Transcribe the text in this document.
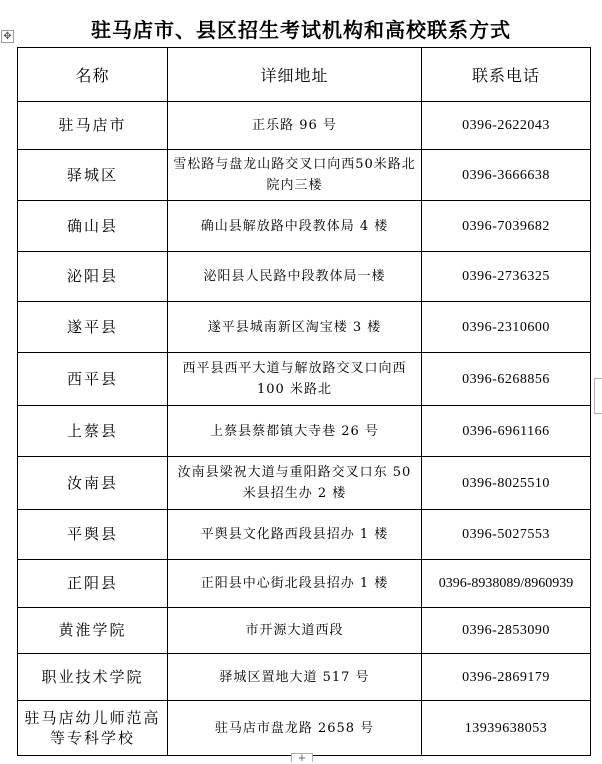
✥	驻马店市、县区招生考试机构和高校联系方式
名称	详细地址	联系电话
驻马店市	正乐路 96 号	0396-2622043
驿城区	雪松路与盘龙山路交叉口向西50米路北院内三楼	0396-3666638
确山县	确山县解放路中段教体局 4 楼	0396-7039682
泌阳县	泌阳县人民路中段教体局一楼	0396-2736325
遂平县	遂平县城南新区淘宝楼 3 楼	0396-2310600
西平县	西平县西平大道与解放路交叉口向西 100 米路北	0396-6268856
上蔡县	上蔡县蔡都镇大寺巷 26 号	0396-6961166
汝南县	汝南县梁祝大道与重阳路交叉口东 50 米县招生办 2 楼	0396-8025510
平舆县	平舆县文化路西段县招办 1 楼	0396-5027553
正阳县	正阳县中心街北段县招办 1 楼	0396-8938089/8960939
黄淮学院	市开源大道西段	0396-2853090
职业技术学院	驿城区置地大道 517 号	0396-2869179
驻马店幼儿师范高等专科学校	驻马店市盘龙路 2658 号	13939638053
+
